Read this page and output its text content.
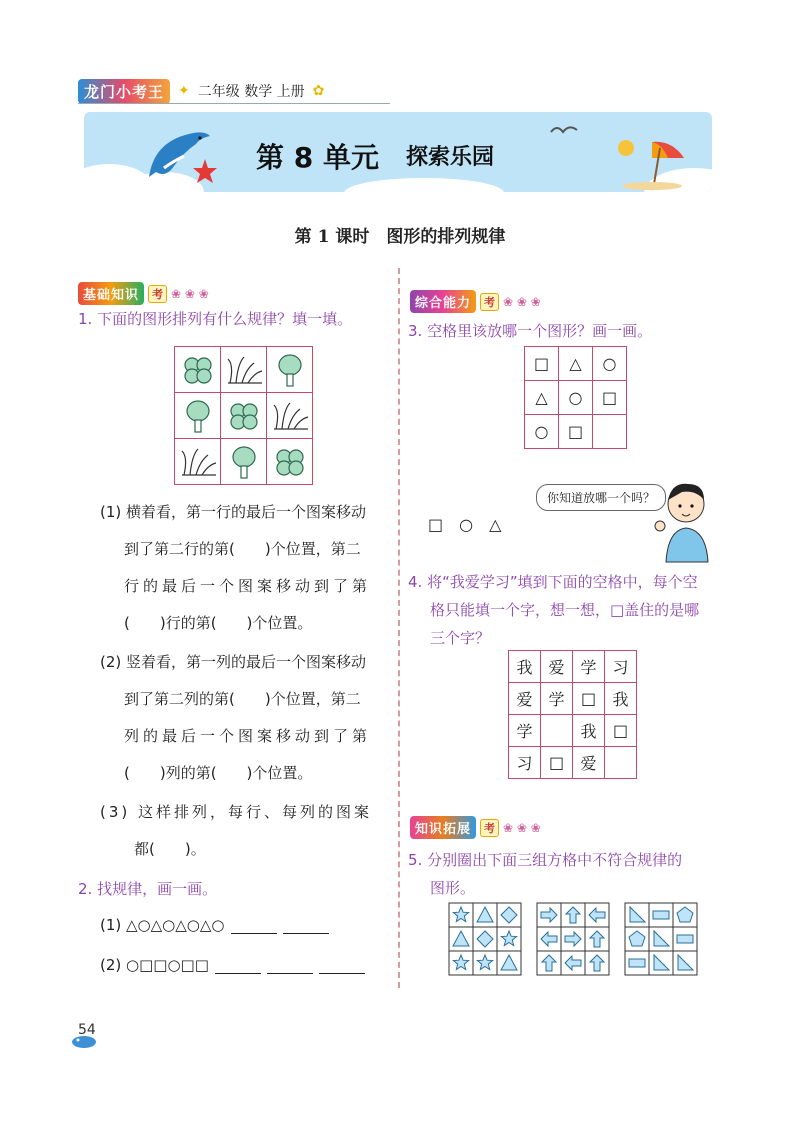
龙门小考王	✦ 二年级 数学 上册 ✿
第 8 单元 探索乐园
第 1 课时　图形的排列规律
基础知识	考 ❀ ❀ ❀
1. 下面的图形排列有什么规律？填一填。

(1) 横着看，第一行的最后一个图案移动
到了第二行的第(　　)个位置，第二
行的最后一个图案移动到了第
(　　)行的第(　　)个位置。
(2) 竖着看，第一列的最后一个图案移动
到了第二列的第(　　)个位置，第二
列的最后一个图案移动到了第
(　　)列的第(　　)个位置。
(3) 这样排列，每行、每列的图案
都(　　)。
2. 找规律，画一画。
(1) △○△○△○△○
(2) ○□□○□□
综合能力	考 ❀ ❀ ❀
3. 空格里该放哪一个图形？画一画。
□	△	○
△	○	□
○	□	
你知道放哪一个吗？
□　○　△
4. 将“我爱学习”填到下面的空格中，每个空
格只能填一个字，想一想，□盖住的是哪
三个字？
我	爱	学	习
爱	学	□	我
学		我	□
习	□	爱	
知识拓展	考 ❀ ❀ ❀
5. 分别圈出下面三组方格中不符合规律的
图形。
54
